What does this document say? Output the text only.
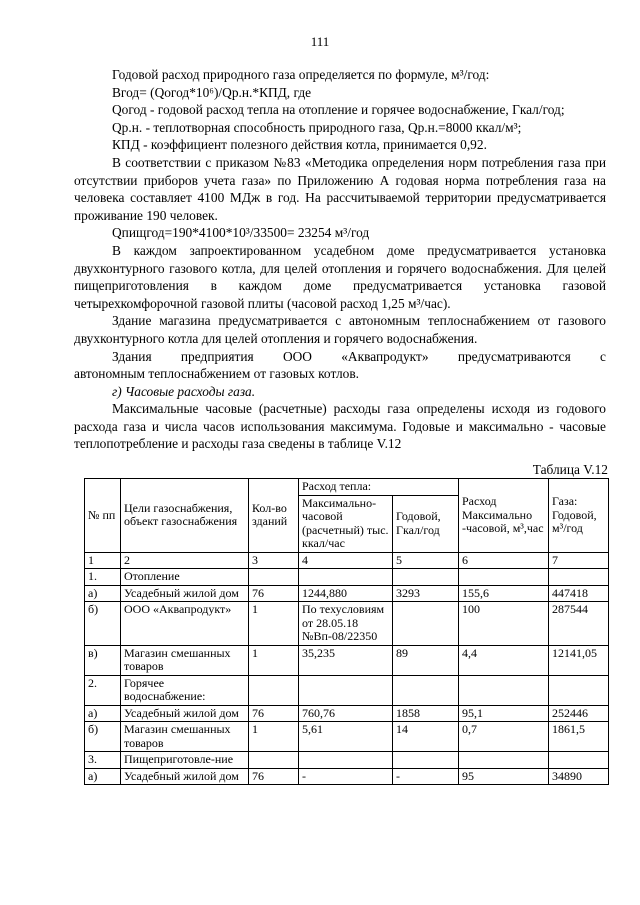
111

Годовой расход природного газа определяется по формуле, м³/год:

Bгод= (Qoгод*10⁶)/Qр.н.*КПД, где

Qoгод - годовой расход тепла на отопление и горячее водоснабжение, Гкал/год;

Qр.н. - теплотворная способность природного газа, Qр.н.=8000 ккал/м³;

КПД - коэффициент полезного действия котла, принимается 0,92.

В соответствии с приказом №83 «Методика определения норм потребления газа при отсутствии приборов учета газа» по Приложению А годовая норма потребления газа на человека составляет 4100 МДж в год. На рассчитываемой территории предусматривается проживание 190 человек.

Qпищгод=190*4100*10³/33500= 23254 м³/год

В каждом запроектированном усадебном доме предусматривается установка двухконтурного газового котла, для целей отопления и горячего водоснабжения. Для целей пищеприготовления в каждом доме предусматривается установка газовой четырехкомфорочной газовой плиты (часовой расход 1,25 м³/час).

Здание магазина предусматривается с автономным теплоснабжением от газового двухконтурного котла для целей отопления и горячего водоснабжения.

Здания предприятия ООО «Аквапродукт» предусматриваются с

автономным теплоснабжением от газовых котлов.

г) Часовые расходы газа.

Максимальные часовые (расчетные) расходы газа определены исходя из годового расхода газа и числа часов использования максимума. Годовые и максимально - часовые теплопотребление и расходы газа сведены в таблице V.12

Таблица V.12
№ пп	Цели газоснабжения, объект газоснабжения	Кол-во зданий	Расход тепла:		Расход Максимально -часовой, м³,час	Газа: Годовой, м³/год
			Максимально-часовой (расчетный) тыс. ккал/час	Годовой, Гкал/год		
1	2	3	4	5	6	7
1.	Отопление					
а)	Усадебный жилой дом	76	1244,880	3293	155,6	447418
б)	ООО «Аквапродукт»	1	По техусловиям от 28.05.18 №Вп-08/22350		100	287544
в)	Магазин смешанных товаров	1	35,235	89	4,4	12141,05
2.	Горячее водоснабжение:					
а)	Усадебный жилой дом	76	760,76	1858	95,1	252446
б)	Магазин смешанных товаров	1	5,61	14	0,7	1861,5
3.	Пищеприготовле-ние					
а)	Усадебный жилой дом	76	-	-	95	34890
